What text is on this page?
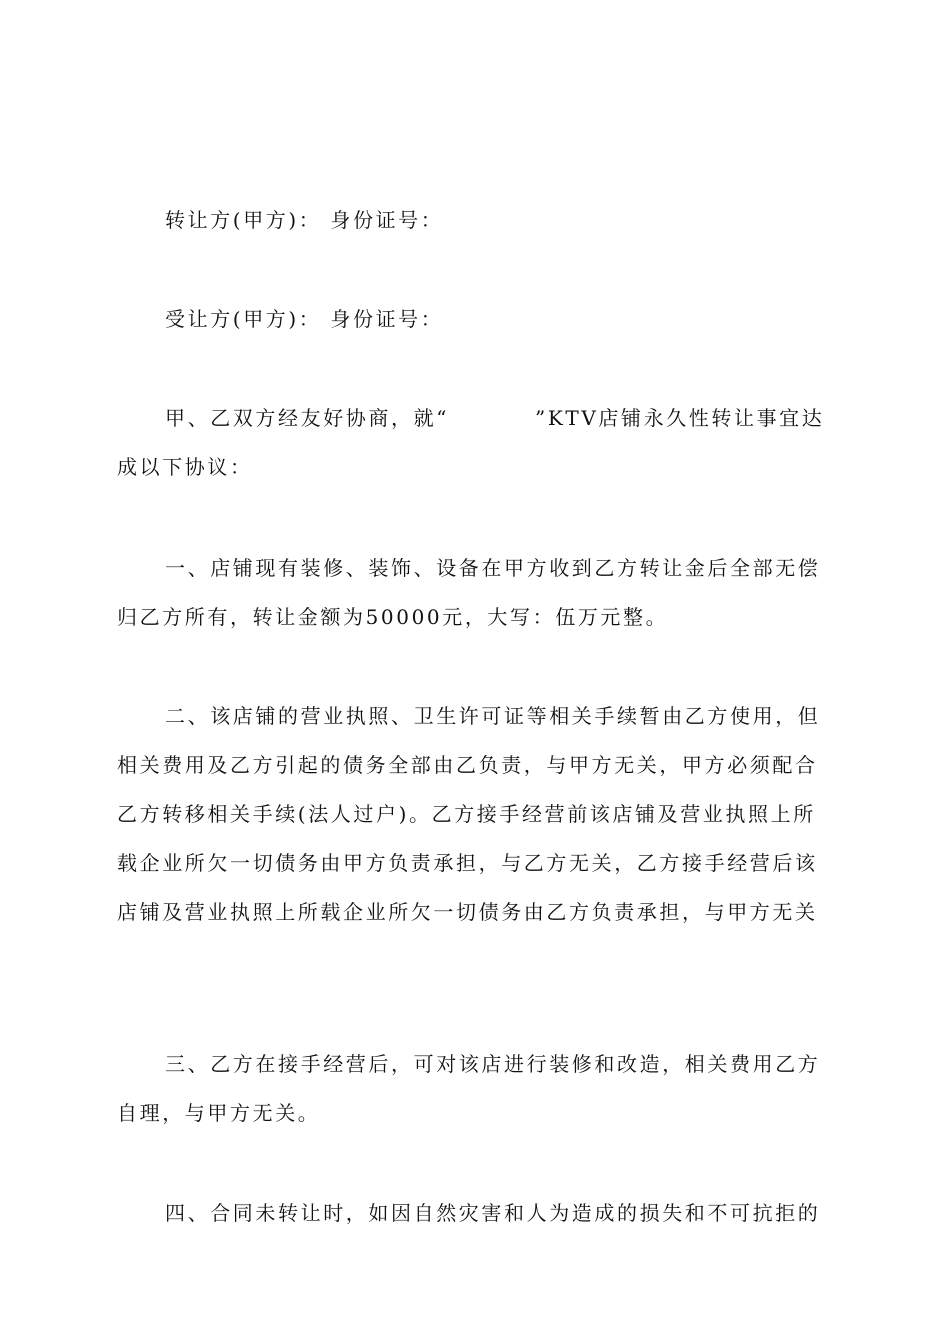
转让方(甲方)： 身份证号：

受让方(甲方)： 身份证号：

甲、乙双方经友好协商，就“	”KTV店铺永久性转让事宜达
成以下协议：

一、店铺现有装修、装饰、设备在甲方收到乙方转让金后全部无偿
归乙方所有，转让金额为50000元，大写：伍万元整。

二、该店铺的营业执照、卫生许可证等相关手续暂由乙方使用，但
相关费用及乙方引起的债务全部由乙负责，与甲方无关，甲方必须配合
乙方转移相关手续(法人过户)。乙方接手经营前该店铺及营业执照上所
载企业所欠一切债务由甲方负责承担，与乙方无关，乙方接手经营后该
店铺及营业执照上所载企业所欠一切债务由乙方负责承担，与甲方无关

三、乙方在接手经营后，可对该店进行装修和改造，相关费用乙方
自理，与甲方无关。

四、合同未转让时，如因自然灾害和人为造成的损失和不可抗拒的
